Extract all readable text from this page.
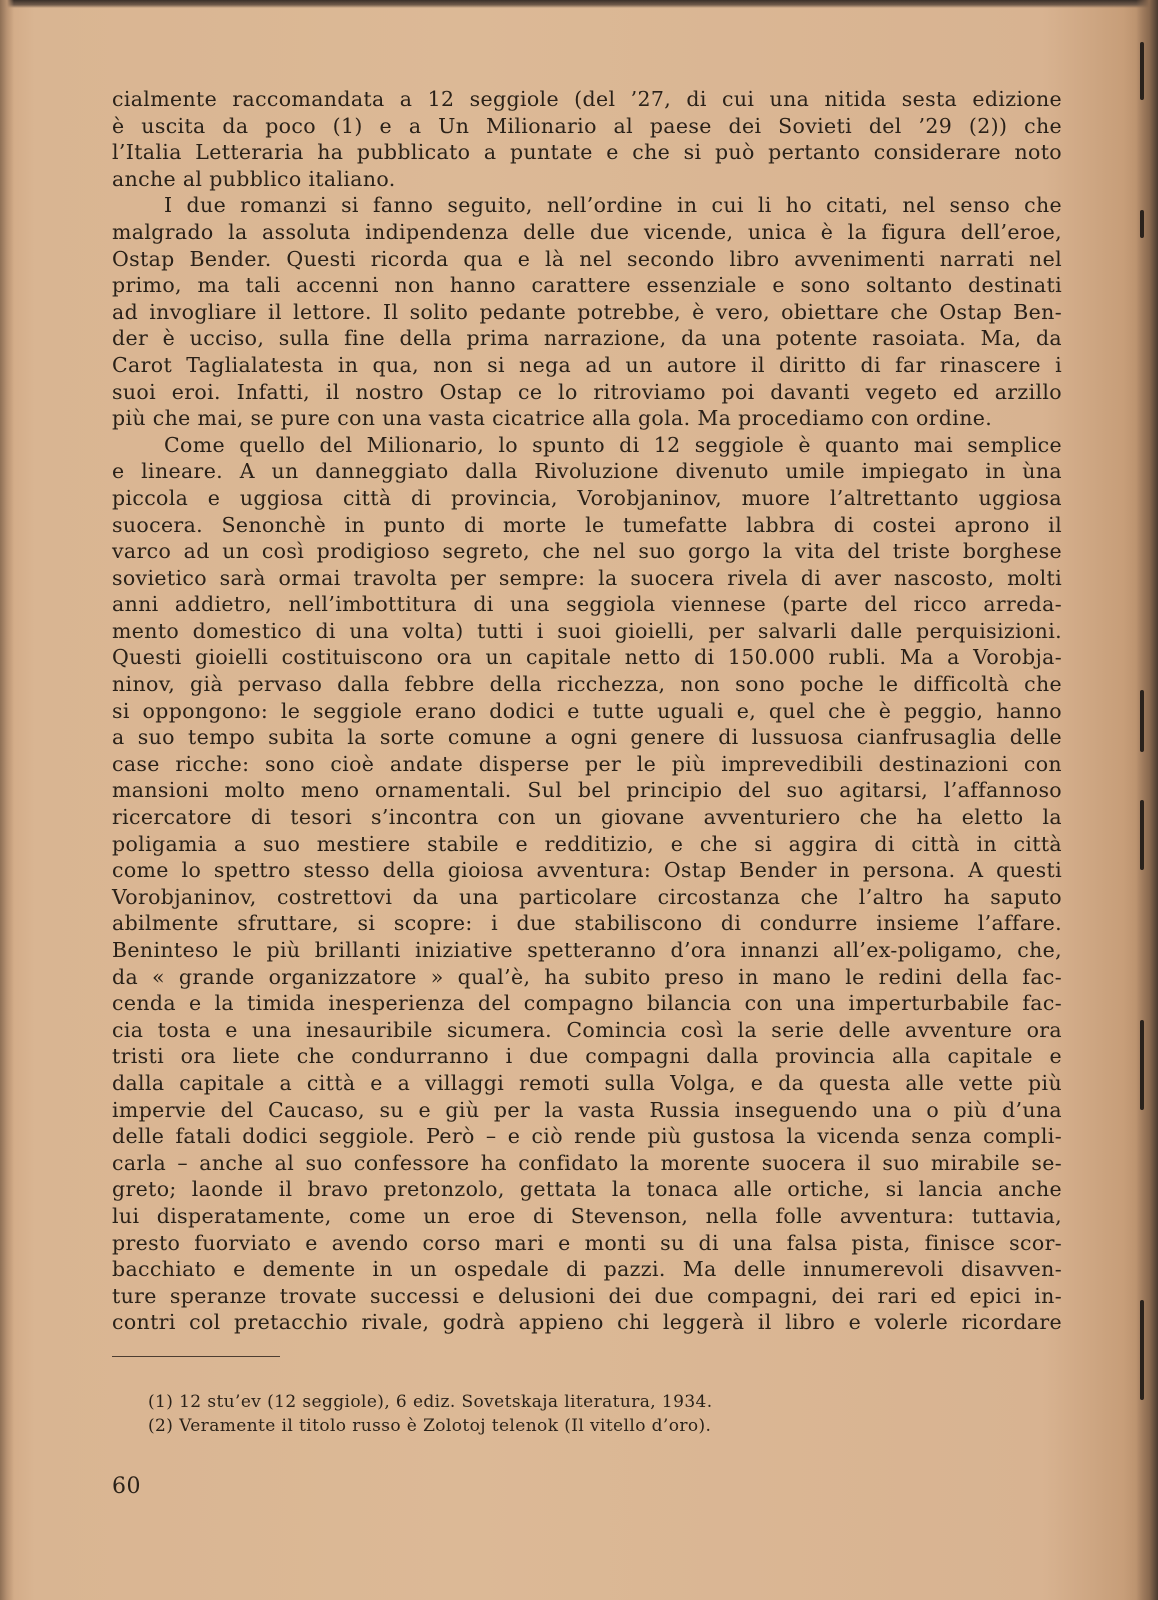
cialmente raccomandata a 12 seggiole (del ’27, di cui una nitida sesta edizione
è uscita da poco (1) e a Un Milionario al paese dei Sovieti del ’29 (2)) che
l’Italia Letteraria ha pubblicato a puntate e che si può pertanto considerare noto
anche al pubblico italiano.
I due romanzi si fanno seguito, nell’ordine in cui li ho citati, nel senso che
malgrado la assoluta indipendenza delle due vicende, unica è la figura dell’eroe,
Ostap Bender. Questi ricorda qua e là nel secondo libro avvenimenti narrati nel
primo, ma tali accenni non hanno carattere essenziale e sono soltanto destinati
ad invogliare il lettore. Il solito pedante potrebbe, è vero, obiettare che Ostap Ben-
der è ucciso, sulla fine della prima narrazione, da una potente rasoiata. Ma, da
Carot Taglialatesta in qua, non si nega ad un autore il diritto di far rinascere i
suoi eroi. Infatti, il nostro Ostap ce lo ritroviamo poi davanti vegeto ed arzillo
più che mai, se pure con una vasta cicatrice alla gola. Ma procediamo con ordine.
Come quello del Milionario, lo spunto di 12 seggiole è quanto mai semplice
e lineare. A un danneggiato dalla Rivoluzione divenuto umile impiegato in ùna
piccola e uggiosa città di provincia, Vorobjaninov, muore l’altrettanto uggiosa
suocera. Senonchè in punto di morte le tumefatte labbra di costei aprono il
varco ad un così prodigioso segreto, che nel suo gorgo la vita del triste borghese
sovietico sarà ormai travolta per sempre: la suocera rivela di aver nascosto, molti
anni addietro, nell’imbottitura di una seggiola viennese (parte del ricco arreda-
mento domestico di una volta) tutti i suoi gioielli, per salvarli dalle perquisizioni.
Questi gioielli costituiscono ora un capitale netto di 150.000 rubli. Ma a Vorobja-
ninov, già pervaso dalla febbre della ricchezza, non sono poche le difficoltà che
si oppongono: le seggiole erano dodici e tutte uguali e, quel che è peggio, hanno
a suo tempo subita la sorte comune a ogni genere di lussuosa cianfrusaglia delle
case ricche: sono cioè andate disperse per le più imprevedibili destinazioni con
mansioni molto meno ornamentali. Sul bel principio del suo agitarsi, l’affannoso
ricercatore di tesori s’incontra con un giovane avventuriero che ha eletto la
poligamia a suo mestiere stabile e redditizio, e che si aggira di città in città
come lo spettro stesso della gioiosa avventura: Ostap Bender in persona. A questi
Vorobjaninov, costrettovi da una particolare circostanza che l’altro ha saputo
abilmente sfruttare, si scopre: i due stabiliscono di condurre insieme l’affare.
Beninteso le più brillanti iniziative spetteranno d’ora innanzi all’ex-poligamo, che,
da « grande organizzatore » qual’è, ha subito preso in mano le redini della fac-
cenda e la timida inesperienza del compagno bilancia con una imperturbabile fac-
cia tosta e una inesauribile sicumera. Comincia così la serie delle avventure ora
tristi ora liete che condurranno i due compagni dalla provincia alla capitale e
dalla capitale a città e a villaggi remoti sulla Volga, e da questa alle vette più
impervie del Caucaso, su e giù per la vasta Russia inseguendo una o più d’una
delle fatali dodici seggiole. Però – e ciò rende più gustosa la vicenda senza compli-
carla – anche al suo confessore ha confidato la morente suocera il suo mirabile se-
greto; laonde il bravo pretonzolo, gettata la tonaca alle ortiche, si lancia anche
lui disperatamente, come un eroe di Stevenson, nella folle avventura: tuttavia,
presto fuorviato e avendo corso mari e monti su di una falsa pista, finisce scor-
bacchiato e demente in un ospedale di pazzi. Ma delle innumerevoli disavven-
ture speranze trovate successi e delusioni dei due compagni, dei rari ed epici in-
contri col pretacchio rivale, godrà appieno chi leggerà il libro e volerle ricordare
(1) 12 stu’ev (12 seggiole), 6 ediz. Sovetskaja literatura, 1934.
(2) Veramente il titolo russo è Zolotoj telenok (Il vitello d’oro).
60
